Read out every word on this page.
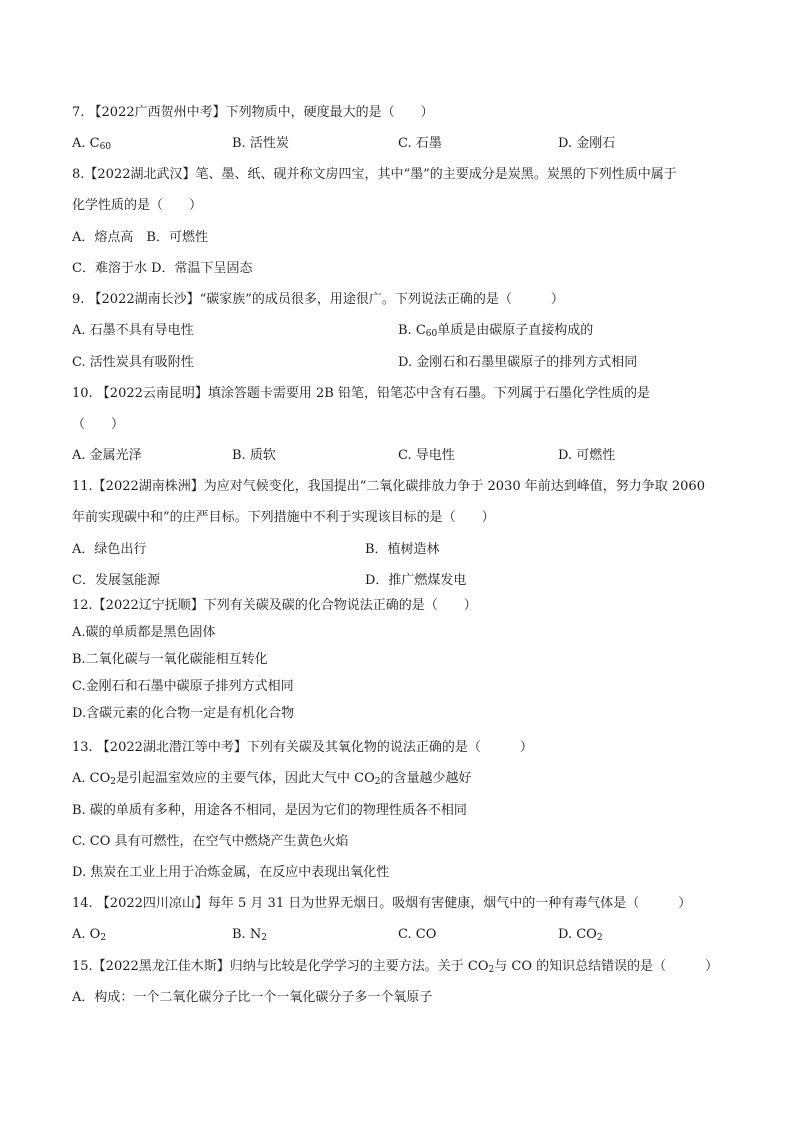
7. 【2022广西贺州中考】下列物质中，硬度最大的是（　　）
A. $C_{60}$	B. 活性炭	C. 石墨	D. 金刚石
8.【2022湖北武汉】笔、墨、纸、砚并称文房四宝，其中“墨”的主要成分是炭黑。炭黑的下列性质中属于
化学性质的是（　　）
A．熔点高　B．可燃性
C．难溶于水 D．常温下呈固态
9. 【2022湖南长沙】“碳家族”的成员很多，用途很广。下列说法正确的是（　　　）
A. 石墨不具有导电性	B. $C_{60}$单质是由碳原子直接构成的
C. 活性炭具有吸附性	D. 金刚石和石墨里碳原子的排列方式相同
10. 【2022云南昆明】填涂答题卡需要用 2B 铅笔，铅笔芯中含有石墨。下列属于石墨化学性质的是
（　　）
A. 金属光泽	B. 质软	C. 导电性	D. 可燃性
11.【2022湖南株洲】为应对气候变化，我国提出“二氧化碳排放力争于 2030 年前达到峰值，努力争取 2060
年前实现碳中和”的庄严目标。下列措施中不利于实现该目标的是（　　）
A．绿色出行	B．植树造林
C．发展氢能源	D．推广燃煤发电
12.【2022辽宁抚顺】下列有关碳及碳的化合物说法正确的是（　　）
A.碳的单质都是黑色固体
B.二氧化碳与一氧化碳能相互转化
C.金刚石和石墨中碳原子排列方式相同
D.含碳元素的化合物一定是有机化合物
13. 【2022湖北潜江等中考】下列有关碳及其氧化物的说法正确的是（　　　）
A. $CO_2$是引起温室效应的主要气体，因此大气中 $CO_2$的含量越少越好
B. 碳的单质有多种，用途各不相同，是因为它们的物理性质各不相同
C. CO 具有可燃性，在空气中燃烧产生黄色火焰
D. 焦炭在工业上用于冶炼金属，在反应中表现出氧化性
14. 【2022四川凉山】每年 5 月 31 日为世界无烟日。吸烟有害健康，烟气中的一种有毒气体是（　　　）
A. $O_2$	B. $N_2$	C. CO	D. $CO_2$
15.【2022黑龙江佳木斯】归纳与比较是化学学习的主要方法。关于 $CO_2$与 CO 的知识总结错误的是（　　　）
A．构成：一个二氧化碳分子比一个一氧化碳分子多一个氧原子
